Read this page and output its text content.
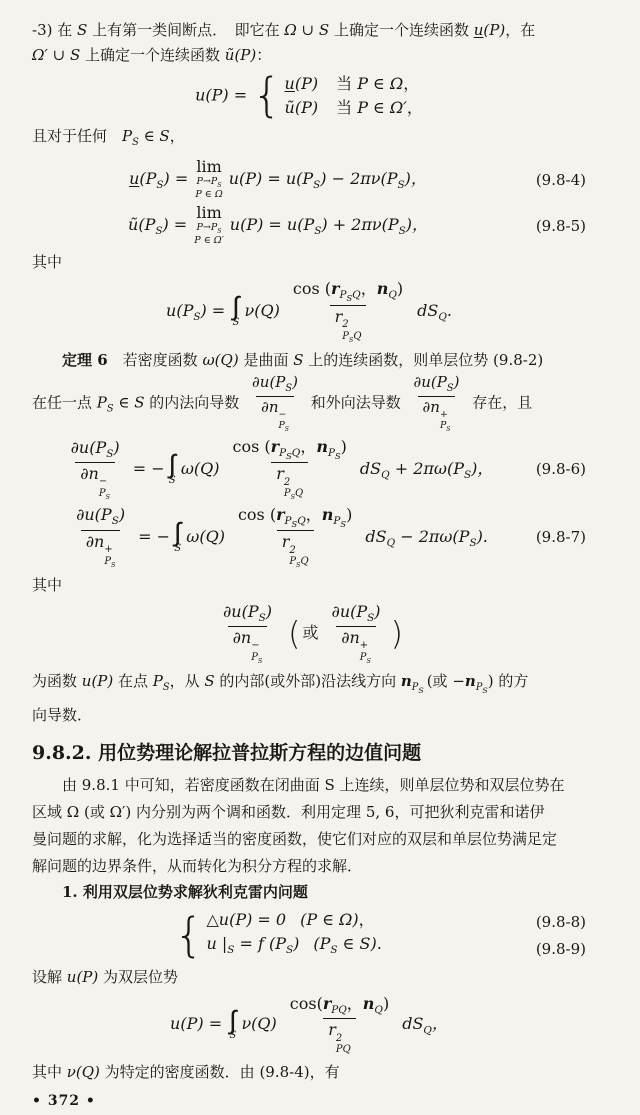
-3) 在 S 上有第一类间断点．　即它在 Ω ∪ S 上确定一个连续函数 u(P)，在
Ω′ ∪ S 上确定一个连续函数 ũ(P)：
u(P) = { u(P) 当 P ∈ Ω，
ũ(P) 当 P ∈ Ω′，
且对于任何　$P_S$ ∈ S，
$u(P_S)$ =
lim
$P\to P_S$
P ∈ Ω
$u(P) = u(P_S) - 2\pi\nu(P_S)$，	(9.8-4)
$ũ(P_S)$ =
lim
$P\to P_S$
P ∈ Ω′
$u(P) = u(P_S) + 2\pi\nu(P_S)$，	(9.8-5)
其中
$u(P_S)$ = ∫∫
S
ν(Q) $\cos (r_{P_SQ}$，$n_Q$)
r 2
$P_SQ$ $dS_Q$.
定理 6　若密度函数 ω(Q) 是曲面 S 上的连续函数，则单层位势 (9.8-2)
在任一点 $P_S$ ∈ S 的内法向导数 $\partial u(P_S)$
∂n −
$P_S$ 和外向法导数 $\partial u(P_S)$
∂n +
$P_S$ 存在，且
$\partial u(P_S)$
∂n −
$P_S$ = − ∫∫
S
ω(Q) $\cos (r_{P_SQ}$，$n_{P_S}$)
r 2
$P_SQ$ $dS_Q + 2\pi\omega(P_S)$，	(9.8-6)
$\partial u(P_S)$
∂n +
$P_S$ = − ∫∫
S
ω(Q) $\cos (r_{P_SQ}$，$n_{P_S}$)
r 2
$P_SQ$ $dS_Q - 2\pi\omega(P_S)$.	(9.8-7)
其中
$\partial u(P_S)$
∂n −
$P_S$ ( 或 $\partial u(P_S)$
∂n +
$P_S$ )
为函数 u(P) 在点 $P_S$，从 S 的内部(或外部)沿法线方向 $n_{P_S}$(或 $-n_{P_S}$) 的方
向导数．
9.8.2. 用位势理论解拉普拉斯方程的边值问题
由 9.8.1 中可知，若密度函数在闭曲面 S 上连续，则单层位势和双层位势在
区域 Ω (或 Ω′) 内分别为两个调和函数．利用定理 5, 6，可把狄利克雷和诺伊
曼问题的求解，化为选择适当的密度函数，使它们对应的双层和单层位势满足定
解问题的边界条件，从而转化为积分方程的求解．
1. 利用双层位势求解狄利克雷内问题
{ △u(P) = 0 (P ∈ Ω)，
u $|_S = f$ $(P_S)$ ($P_S$ ∈ S).
(9.8-8)
(9.8-9)
设解 u(P) 为双层位势
u(P) = ∫∫
S
ν(Q) $\cos(r_{PQ}$，$n_Q$)
r 2
PQ $dS_Q$，
其中 ν(Q) 为特定的密度函数．由 (9.8-4)，有
• 372 •
